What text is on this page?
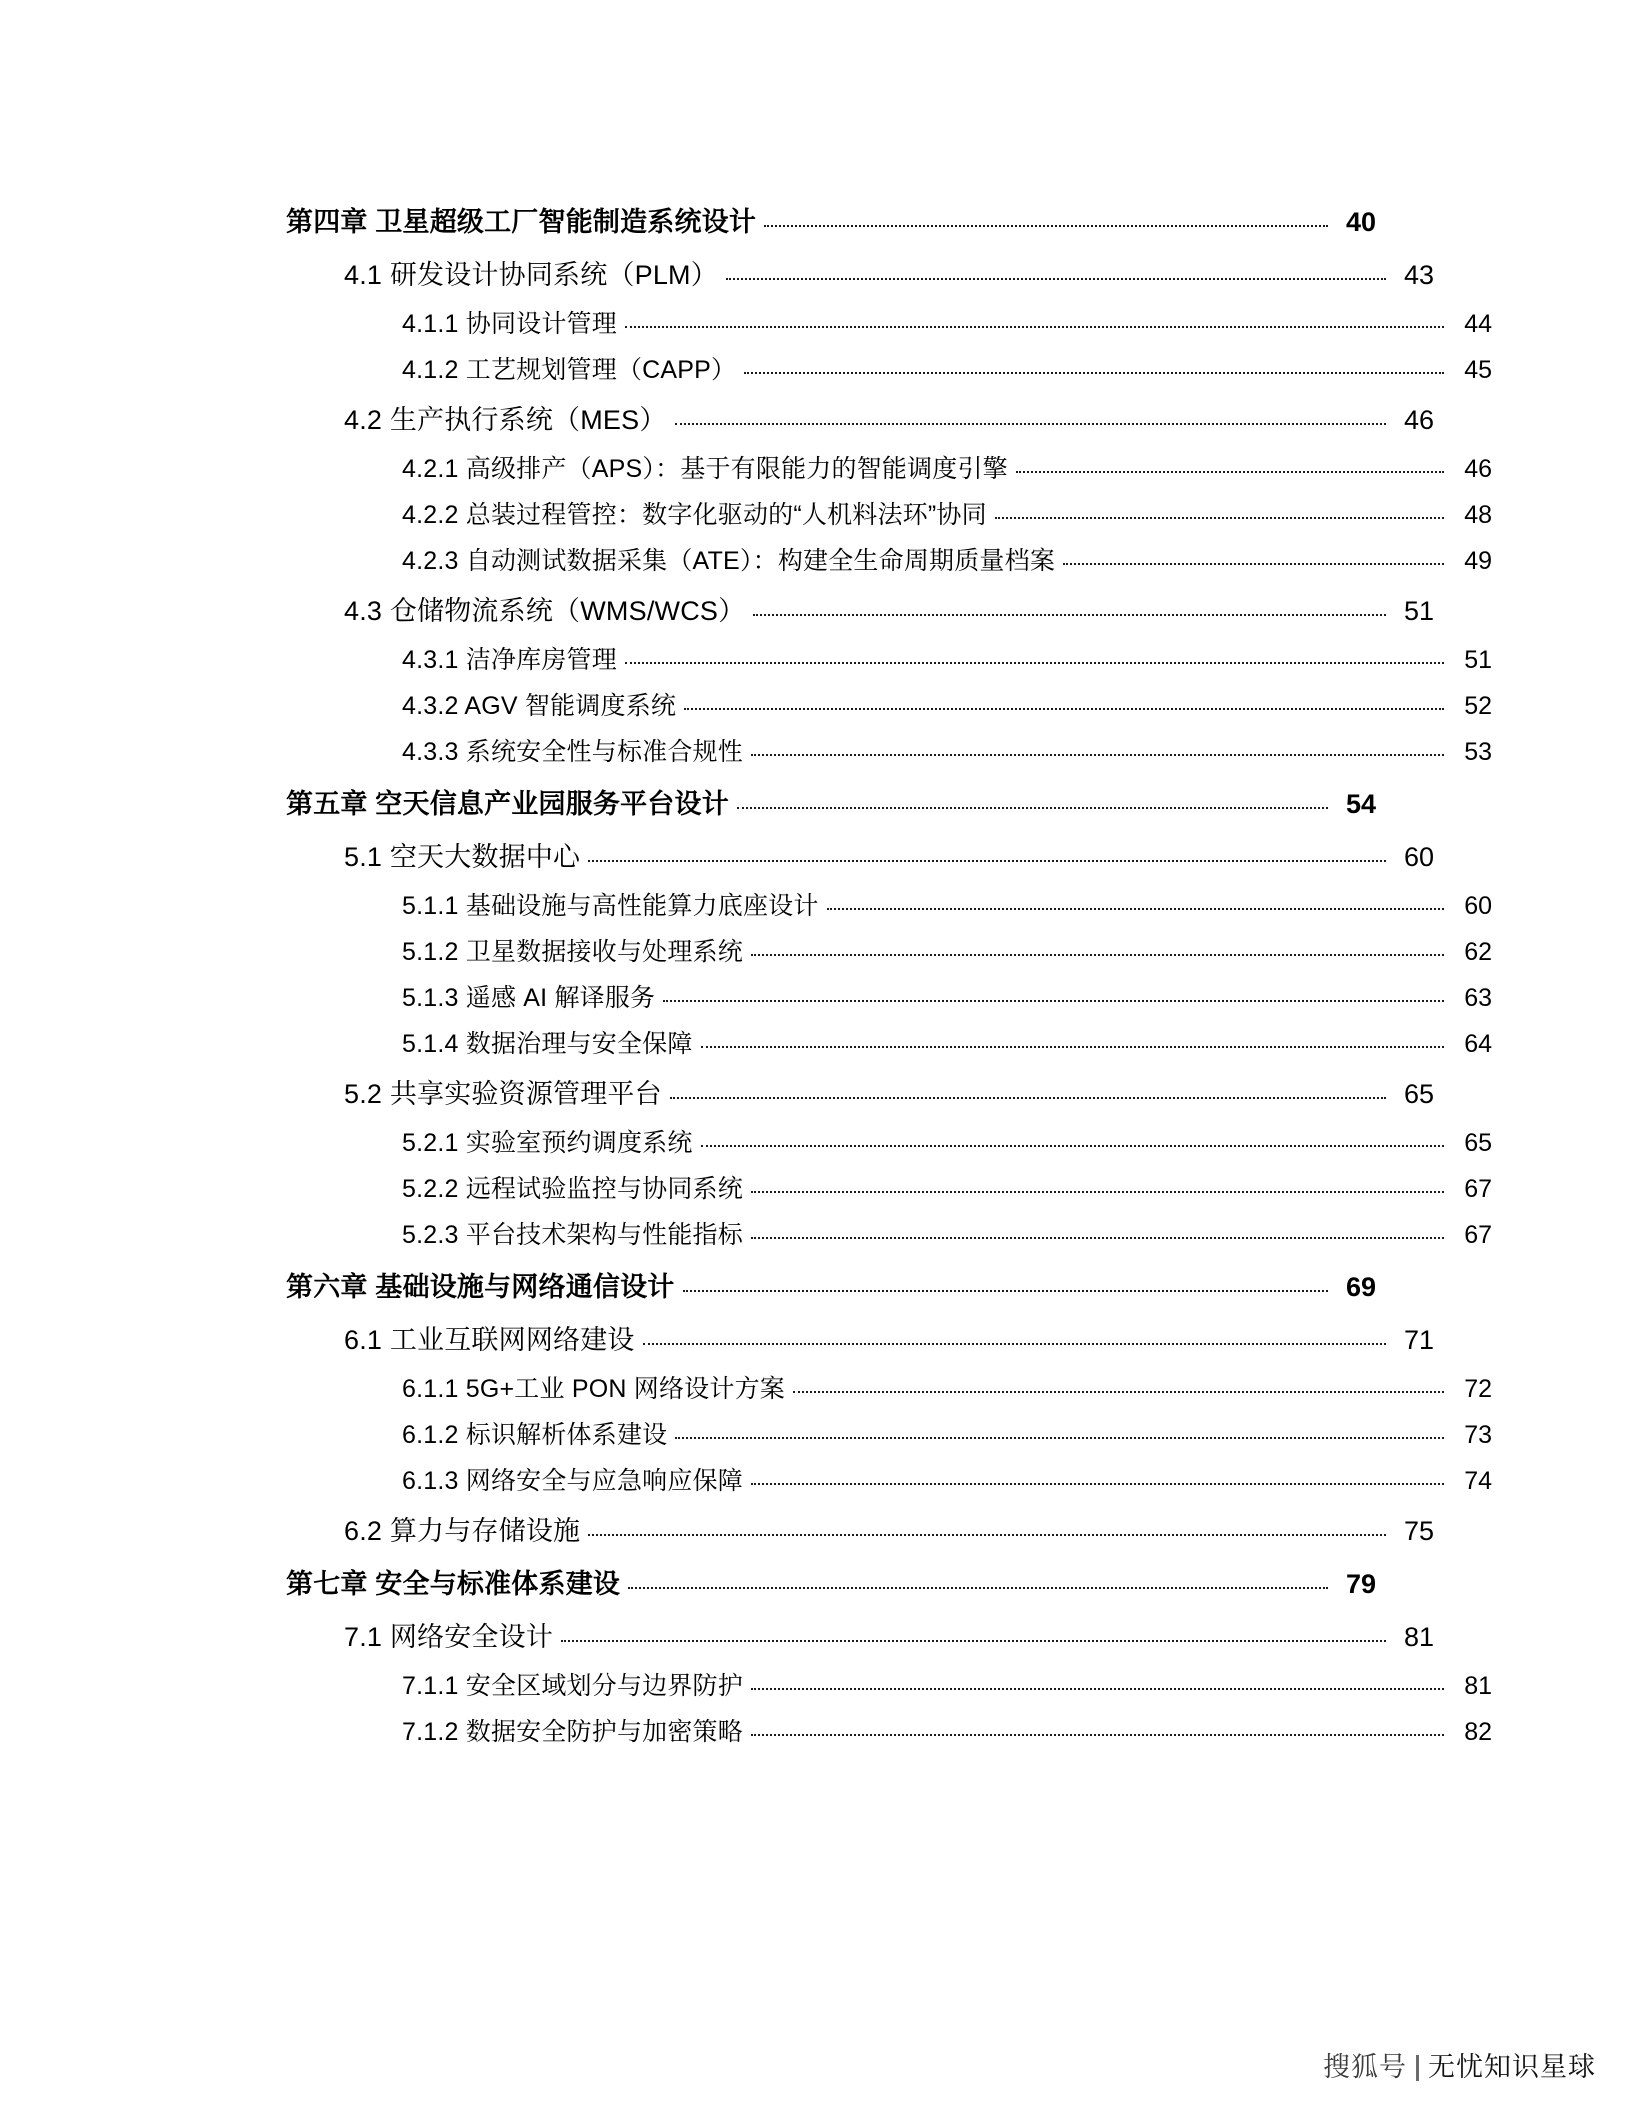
第四章 卫星超级工厂智能制造系统设计	40
4.1 研发设计协同系统（PLM）	43
4.1.1 协同设计管理	44
4.1.2 工艺规划管理（CAPP）	45
4.2 生产执行系统（MES）	46
4.2.1 高级排产（APS）：基于有限能力的智能调度引擎	46
4.2.2 总装过程管控：数字化驱动的“人机料法环”协同	48
4.2.3 自动测试数据采集（ATE）：构建全生命周期质量档案	49
4.3 仓储物流系统（WMS/WCS）	51
4.3.1 洁净库房管理	51
4.3.2 AGV 智能调度系统	52
4.3.3 系统安全性与标准合规性	53
第五章 空天信息产业园服务平台设计	54
5.1 空天大数据中心	60
5.1.1 基础设施与高性能算力底座设计	60
5.1.2 卫星数据接收与处理系统	62
5.1.3 遥感 AI 解译服务	63
5.1.4 数据治理与安全保障	64
5.2 共享实验资源管理平台	65
5.2.1 实验室预约调度系统	65
5.2.2 远程试验监控与协同系统	67
5.2.3 平台技术架构与性能指标	67
第六章 基础设施与网络通信设计	69
6.1 工业互联网网络建设	71
6.1.1 5G+工业 PON 网络设计方案	72
6.1.2 标识解析体系建设	73
6.1.3 网络安全与应急响应保障	74
6.2 算力与存储设施	75
第七章 安全与标准体系建设	79
7.1 网络安全设计	81
7.1.1 安全区域划分与边界防护	81
7.1.2 数据安全防护与加密策略	82
搜狐号 无忧知识星球
